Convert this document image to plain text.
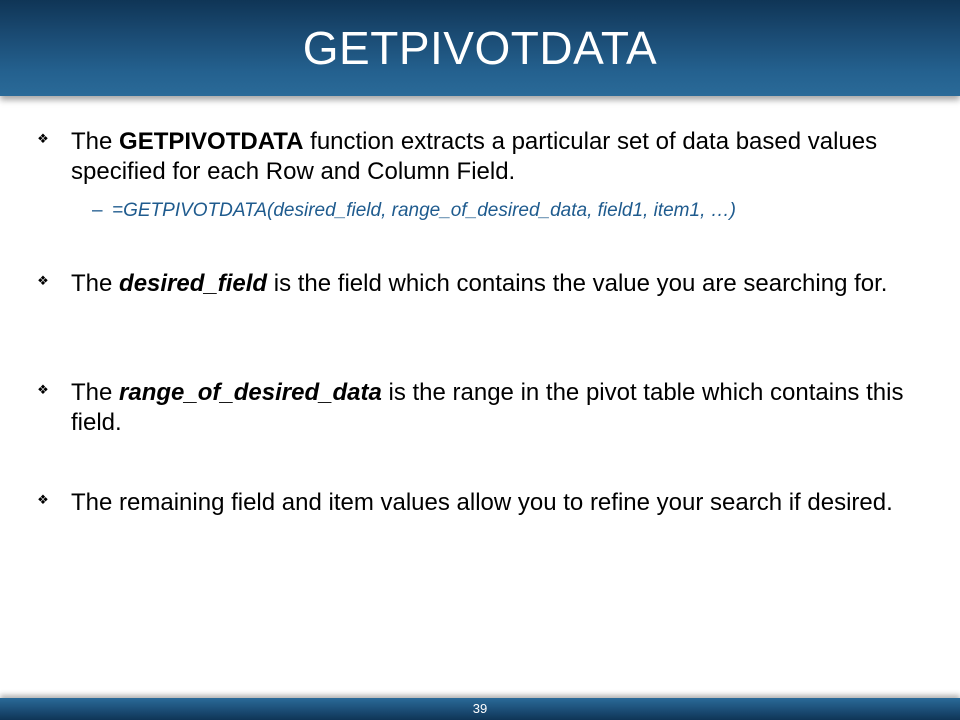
GETPIVOTDATA
❖ The GETPIVOTDATA function extracts a particular set of data based values specified for each Row and Column Field.
– =GETPIVOTDATA(desired_field, range_of_desired_data, field1, item1, …)
❖ The desired_field is the field which contains the value you are searching for.
❖ The range_of_desired_data is the range in the pivot table which contains this field.
❖ The remaining field and item values allow you to refine your search if desired.
39
